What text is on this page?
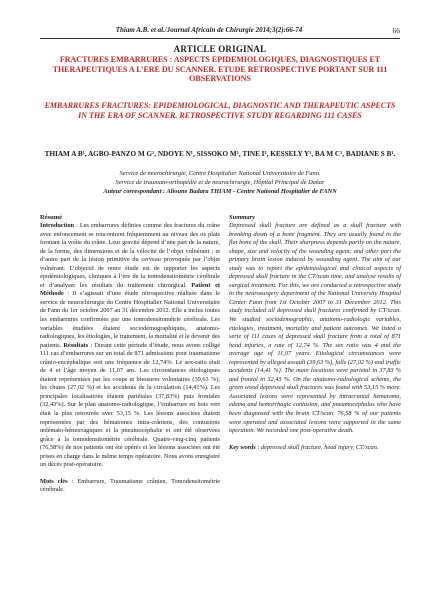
Thiam A.B. et al./Journal Africain de Chirurgie 2014;3(2):66-74	66
ARTICLE ORIGINAL
FRACTURES EMBARRURES : ASPECTS EPIDEMIOLOGIQUES, DIAGNOSTIQUES ET THERAPEUTIQUES A L’ERE DU SCANNER. ETUDE RETROSPECTIVE PORTANT SUR 111 OBSERVATIONS
EMBARRURES FRACTURES: EPIDEMIOLOGICAL, DIAGNOSTIC AND THERAPEUTIC ASPECTS IN THE ERA OF SCANNER. RETROSPECTIVE STUDY REGARDING 111 CASES
THIAM A B¹, AGBO-PANZO M G¹, NDOYE N¹, SISSOKO M¹, TINE I¹, KESSELY Y¹, BA M C¹, BADIANE S B¹.
Service de neurochirurgie, Centre Hospitalier National Universitaire de Fann.
Service de traumato-orthopédie et de neurochirurgie, Hôpital Principal de Dakar
Auteur correspondant : Alioune Badara THIAM - Centre National Hospitalier de FANN
Résumé

Introduction : Les embarrures définies comme des fractures du crâne avec enfoncement se rencontrent fréquemment au niveau des os plats formant la voûte du crâne. Leur gravité dépend d’une part de la nature, de la forme, des dimensions et de la vélocité de l’objet vulnérant ; et d’autre part de la lésion primitive du cerveau provoquée par l’objet vulnérant. L’objectif de notre étude est de rapporter les aspects épidémiologiques, cliniques à l’ère de la tomodensitométrie cérébrale et d’analyser les résultats du traitement chirurgical. Patient et Méthode : Il s’agissait d’une étude rétrospective réalisée dans le service de neurochirurgie du Centre Hospitalier National Universitaire de Fann du 1er octobre 2007 au 31 décembre 2012. Elle a inclus toutes les embarrures confirmées par une tomodensitométrie cérébrale. Les variables étudiées étaient sociodémographiques, anatomo-radiologiques, les étiologies, le traitement, la mortalité et le devenir des patients. Résultats : Durant cette période d’étude, nous avons colligé 111 cas d’embarrures sur un total de 871 admissions pour traumatisme crânio-encéphalique soit une fréquence de 12,74%. Le sex-ratio était de 4 et l’âge moyen de 11,07 ans. Les circonstances étiologiques étaient représentées par les coups et blessures volontaires (39,63 %), les chutes (27,02 %) et les accidents de la circulation (14,41%). Les principales localisations étaient pariétales (37,83%) puis frontales (32,43%). Sur le plan anatomo-radiologique, l’embarrure en bois vert était la plus retrouvée avec 53,15 %. Les lésions associées étaient représentées par des hématomes intra-crâniens, des contusions œdémato-hémorragiques et la pneumocéphalie et ont été observées grâce à la tomodensitométrie cérébrale. Quatre-ving-cinq patients (76,58%) de nos patients ont été opérés et les lésions associées ont été prises en charge dans le même temps opératoire. Nous avons enregistré un décès post-opératoire.

Mots clés : Embarrure, Traumatisme crânien, Tomodensitométrie cérébrale.

Summary

Depressed skull fracture are defined as a skull fracture with breaking down of a bone fragment. They are usually found in the flat bone of the skull. Their sharpness depends partly on the nature, shape, size and velocity of the wounding agent; and other part the primary brain lesion induced by wounding agent. The aim of our study was to report the epidemiological and clinical aspects of depressed skull fracture in the CT/scan time, and analyse results of surgical treatment. For this, we are conducted a retrospective study in the neurosurgery department of the National University Hospital Center Fann from 1st October 2007 to 31 December 2012. This study included all depressed skull fractures confirmed by CT/scan. We studied sociodemographic, anatomo-radiologic variables, etiologies, treatment, mortality and patient outcomes. We listed a serie of 111 cases of depressed skull fracture from a total of 871 head injuries, a rate of 12,74 %. The sex ratio was 4 and the average age of 11,07 years. Etiological circumstances were represented by alleged assault (39,63 %), falls (27,02 %) and traffic accidents (14,41 %). The main locations were parietal in 37,83 % and frontal in 32,43 %. On the anatomo-radiological scheme, the green wood depressed skull fractures was found with 53,15 % more. Associated lesions were represented by intracranial hematoma, edema and hemorrhagic contusion, and pneumocephalus who have been diagnosed with the brain CT/scan. 76,58 % of our patients were operated and associated lesions were supported in the same operation. We recorded one post-operative death.

Key words : depressed skull fracture, head injury, CT/scan.
